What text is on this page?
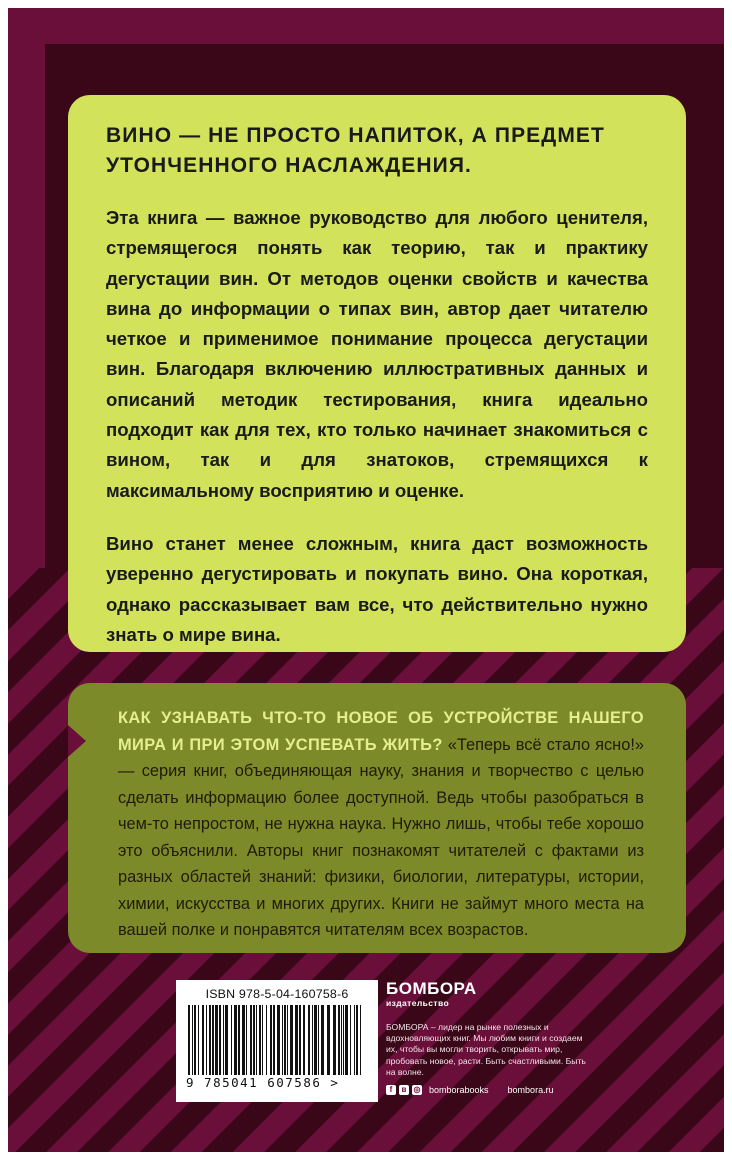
ВИНО — НЕ ПРОСТО НАПИТОК, А ПРЕДМЕТ УТОНЧЕННОГО НАСЛАЖДЕНИЯ.

Эта книга — важное руководство для любого ценителя, стремящегося понять как теорию, так и практику дегустации вин. От методов оценки свойств и качества вина до информации о типах вин, автор дает читателю четкое и применимое понимание процесса дегустации вин. Благодаря включению иллюстративных данных и описаний методик тестирования, книга идеально подходит как для тех, кто только начинает знакомиться с вином, так и для знатоков, стремящихся к максимальному восприятию и оценке.

Вино станет менее сложным, книга даст возможность уверенно дегустировать и покупать вино. Она короткая, однако рассказывает вам все, что действительно нужно знать о мире вина.

КАК УЗНАВАТЬ ЧТО-ТО НОВОЕ ОБ УСТРОЙСТВЕ НАШЕГО МИРА И ПРИ ЭТОМ УСПЕВАТЬ ЖИТЬ? «Теперь всё стало ясно!» — серия книг, объединяющая науку, знания и творчество с целью сделать информацию более доступной. Ведь чтобы разобраться в чем-то непростом, не нужна наука. Нужно лишь, чтобы тебе хорошо это объяснили. Авторы книг познакомят читателей с фактами из разных областей знаний: физики, биологии, литературы, истории, химии, искусства и многих других. Книги не займут много места на вашей полке и понравятся читателям всех возрастов.

ISBN 978-5-04-160758-6
9 785041 607586 >
БОМБОРА
издательство
БОМБОРА – лидер на рынке полезных и вдохновляющих книг. Мы любим книги и создаем их, чтобы вы могли творить, открывать мир, пробовать новое, расти. Быть счастливыми. Быть на волне.
f	в ◎ bomborabooks bombora.ru
